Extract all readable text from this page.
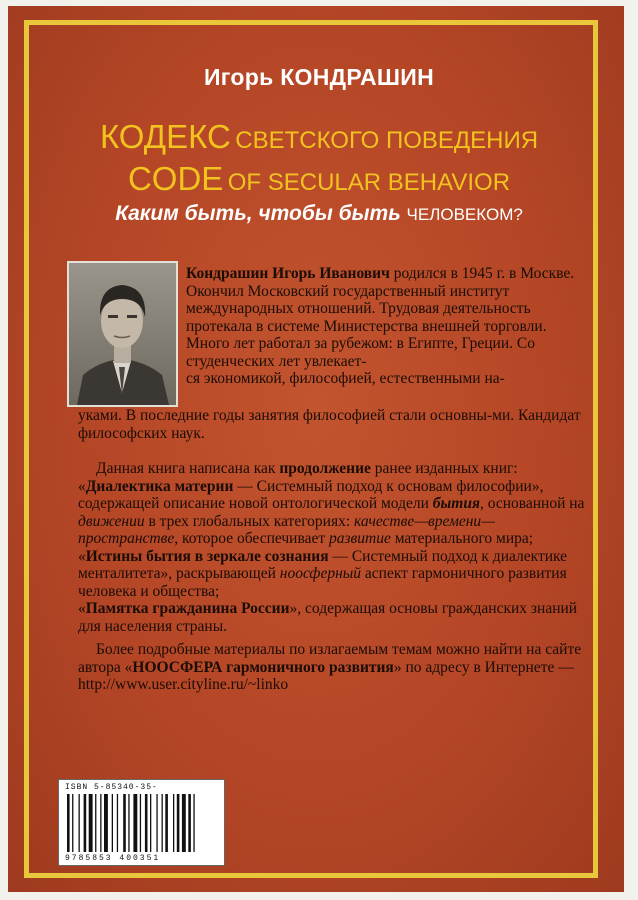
Игорь КОНДРАШИН
КОДЕКС СВЕТСКОГО ПОВЕДЕНИЯ
CODE OF SECULAR BEHAVIOR
Каким быть, чтобы быть ЧЕЛОВЕКОМ?

Кондрашин Игорь Иванович родился в 1945 г. в Москве. Окончил Московский государственный институт международных отношений. Трудовая деятельность протекала в системе Министерства внешней торговли. Много лет работал за рубежом: в Египте, Греции. Со студенческих лет увлекает-
ся экономикой, философией, естественными на-

уками. В последние годы занятия философией стали основны-ми. Кандидат философских наук.

Данная книга написана как продолжение ранее изданных книг: «Диалектика материи — Системный подход к основам философии», содержащей описание новой онтологической модели бытия, основанной на движении в трех глобальных категориях: качестве—времени—пространстве, которое обеспечивает развитие материального мира;

«Истины бытия в зеркале сознания — Системный подход к диалектике менталитета», раскрывающей ноосферный аспект гармоничного развития человека и общества;

«Памятка гражданина России», содержащая основы гражданских знаний для населения страны.

Более подробные материалы по излагаемым темам можно найти на сайте автора «НООСФЕРА гармоничного развития» по адресу в Интернете — http://www.user.cityline.ru/~linko

ISBN 5-85340-35-
9785853 400351
